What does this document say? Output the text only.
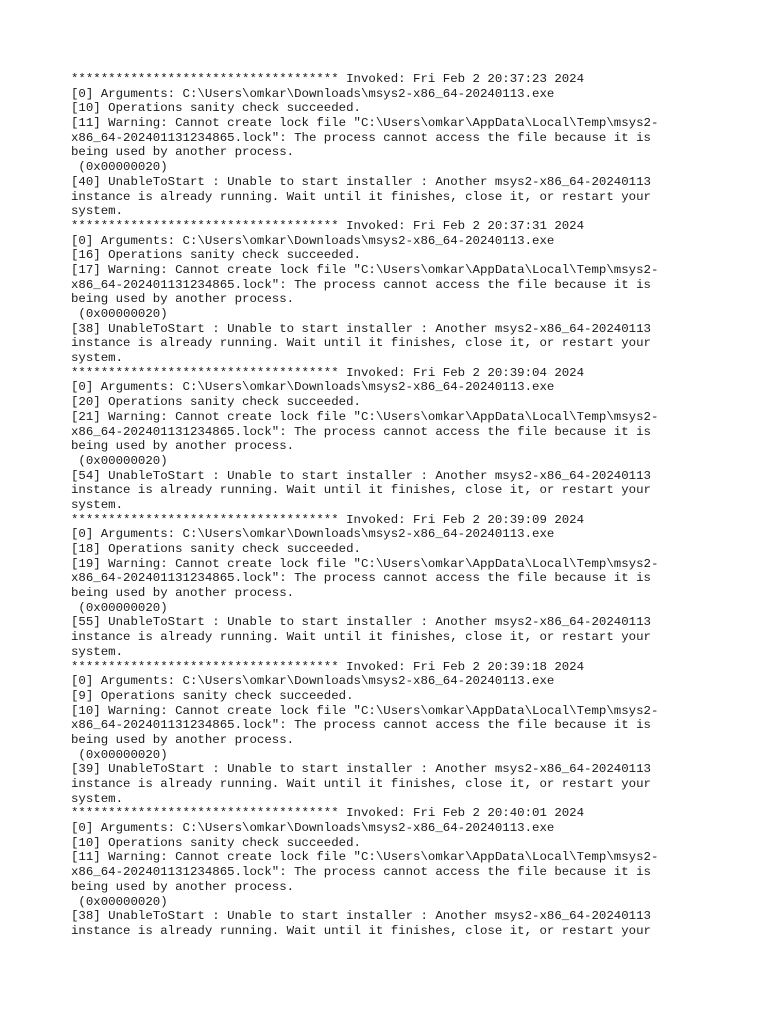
************************************ Invoked: Fri Feb 2 20:37:23 2024
[0] Arguments: C:\Users\omkar\Downloads\msys2-x86_64-20240113.exe
[10] Operations sanity check succeeded.
[11] Warning: Cannot create lock file "C:\Users\omkar\AppData\Local\Temp\msys2-
x86_64-202401131234865.lock": The process cannot access the file because it is
being used by another process.
(0x00000020)
[40] UnableToStart : Unable to start installer : Another msys2-x86_64-20240113
instance is already running. Wait until it finishes, close it, or restart your
system.
************************************ Invoked: Fri Feb 2 20:37:31 2024
[0] Arguments: C:\Users\omkar\Downloads\msys2-x86_64-20240113.exe
[16] Operations sanity check succeeded.
[17] Warning: Cannot create lock file "C:\Users\omkar\AppData\Local\Temp\msys2-
x86_64-202401131234865.lock": The process cannot access the file because it is
being used by another process.
(0x00000020)
[38] UnableToStart : Unable to start installer : Another msys2-x86_64-20240113
instance is already running. Wait until it finishes, close it, or restart your
system.
************************************ Invoked: Fri Feb 2 20:39:04 2024
[0] Arguments: C:\Users\omkar\Downloads\msys2-x86_64-20240113.exe
[20] Operations sanity check succeeded.
[21] Warning: Cannot create lock file "C:\Users\omkar\AppData\Local\Temp\msys2-
x86_64-202401131234865.lock": The process cannot access the file because it is
being used by another process.
(0x00000020)
[54] UnableToStart : Unable to start installer : Another msys2-x86_64-20240113
instance is already running. Wait until it finishes, close it, or restart your
system.
************************************ Invoked: Fri Feb 2 20:39:09 2024
[0] Arguments: C:\Users\omkar\Downloads\msys2-x86_64-20240113.exe
[18] Operations sanity check succeeded.
[19] Warning: Cannot create lock file "C:\Users\omkar\AppData\Local\Temp\msys2-
x86_64-202401131234865.lock": The process cannot access the file because it is
being used by another process.
(0x00000020)
[55] UnableToStart : Unable to start installer : Another msys2-x86_64-20240113
instance is already running. Wait until it finishes, close it, or restart your
system.
************************************ Invoked: Fri Feb 2 20:39:18 2024
[0] Arguments: C:\Users\omkar\Downloads\msys2-x86_64-20240113.exe
[9] Operations sanity check succeeded.
[10] Warning: Cannot create lock file "C:\Users\omkar\AppData\Local\Temp\msys2-
x86_64-202401131234865.lock": The process cannot access the file because it is
being used by another process.
(0x00000020)
[39] UnableToStart : Unable to start installer : Another msys2-x86_64-20240113
instance is already running. Wait until it finishes, close it, or restart your
system.
************************************ Invoked: Fri Feb 2 20:40:01 2024
[0] Arguments: C:\Users\omkar\Downloads\msys2-x86_64-20240113.exe
[10] Operations sanity check succeeded.
[11] Warning: Cannot create lock file "C:\Users\omkar\AppData\Local\Temp\msys2-
x86_64-202401131234865.lock": The process cannot access the file because it is
being used by another process.
(0x00000020)
[38] UnableToStart : Unable to start installer : Another msys2-x86_64-20240113
instance is already running. Wait until it finishes, close it, or restart your
